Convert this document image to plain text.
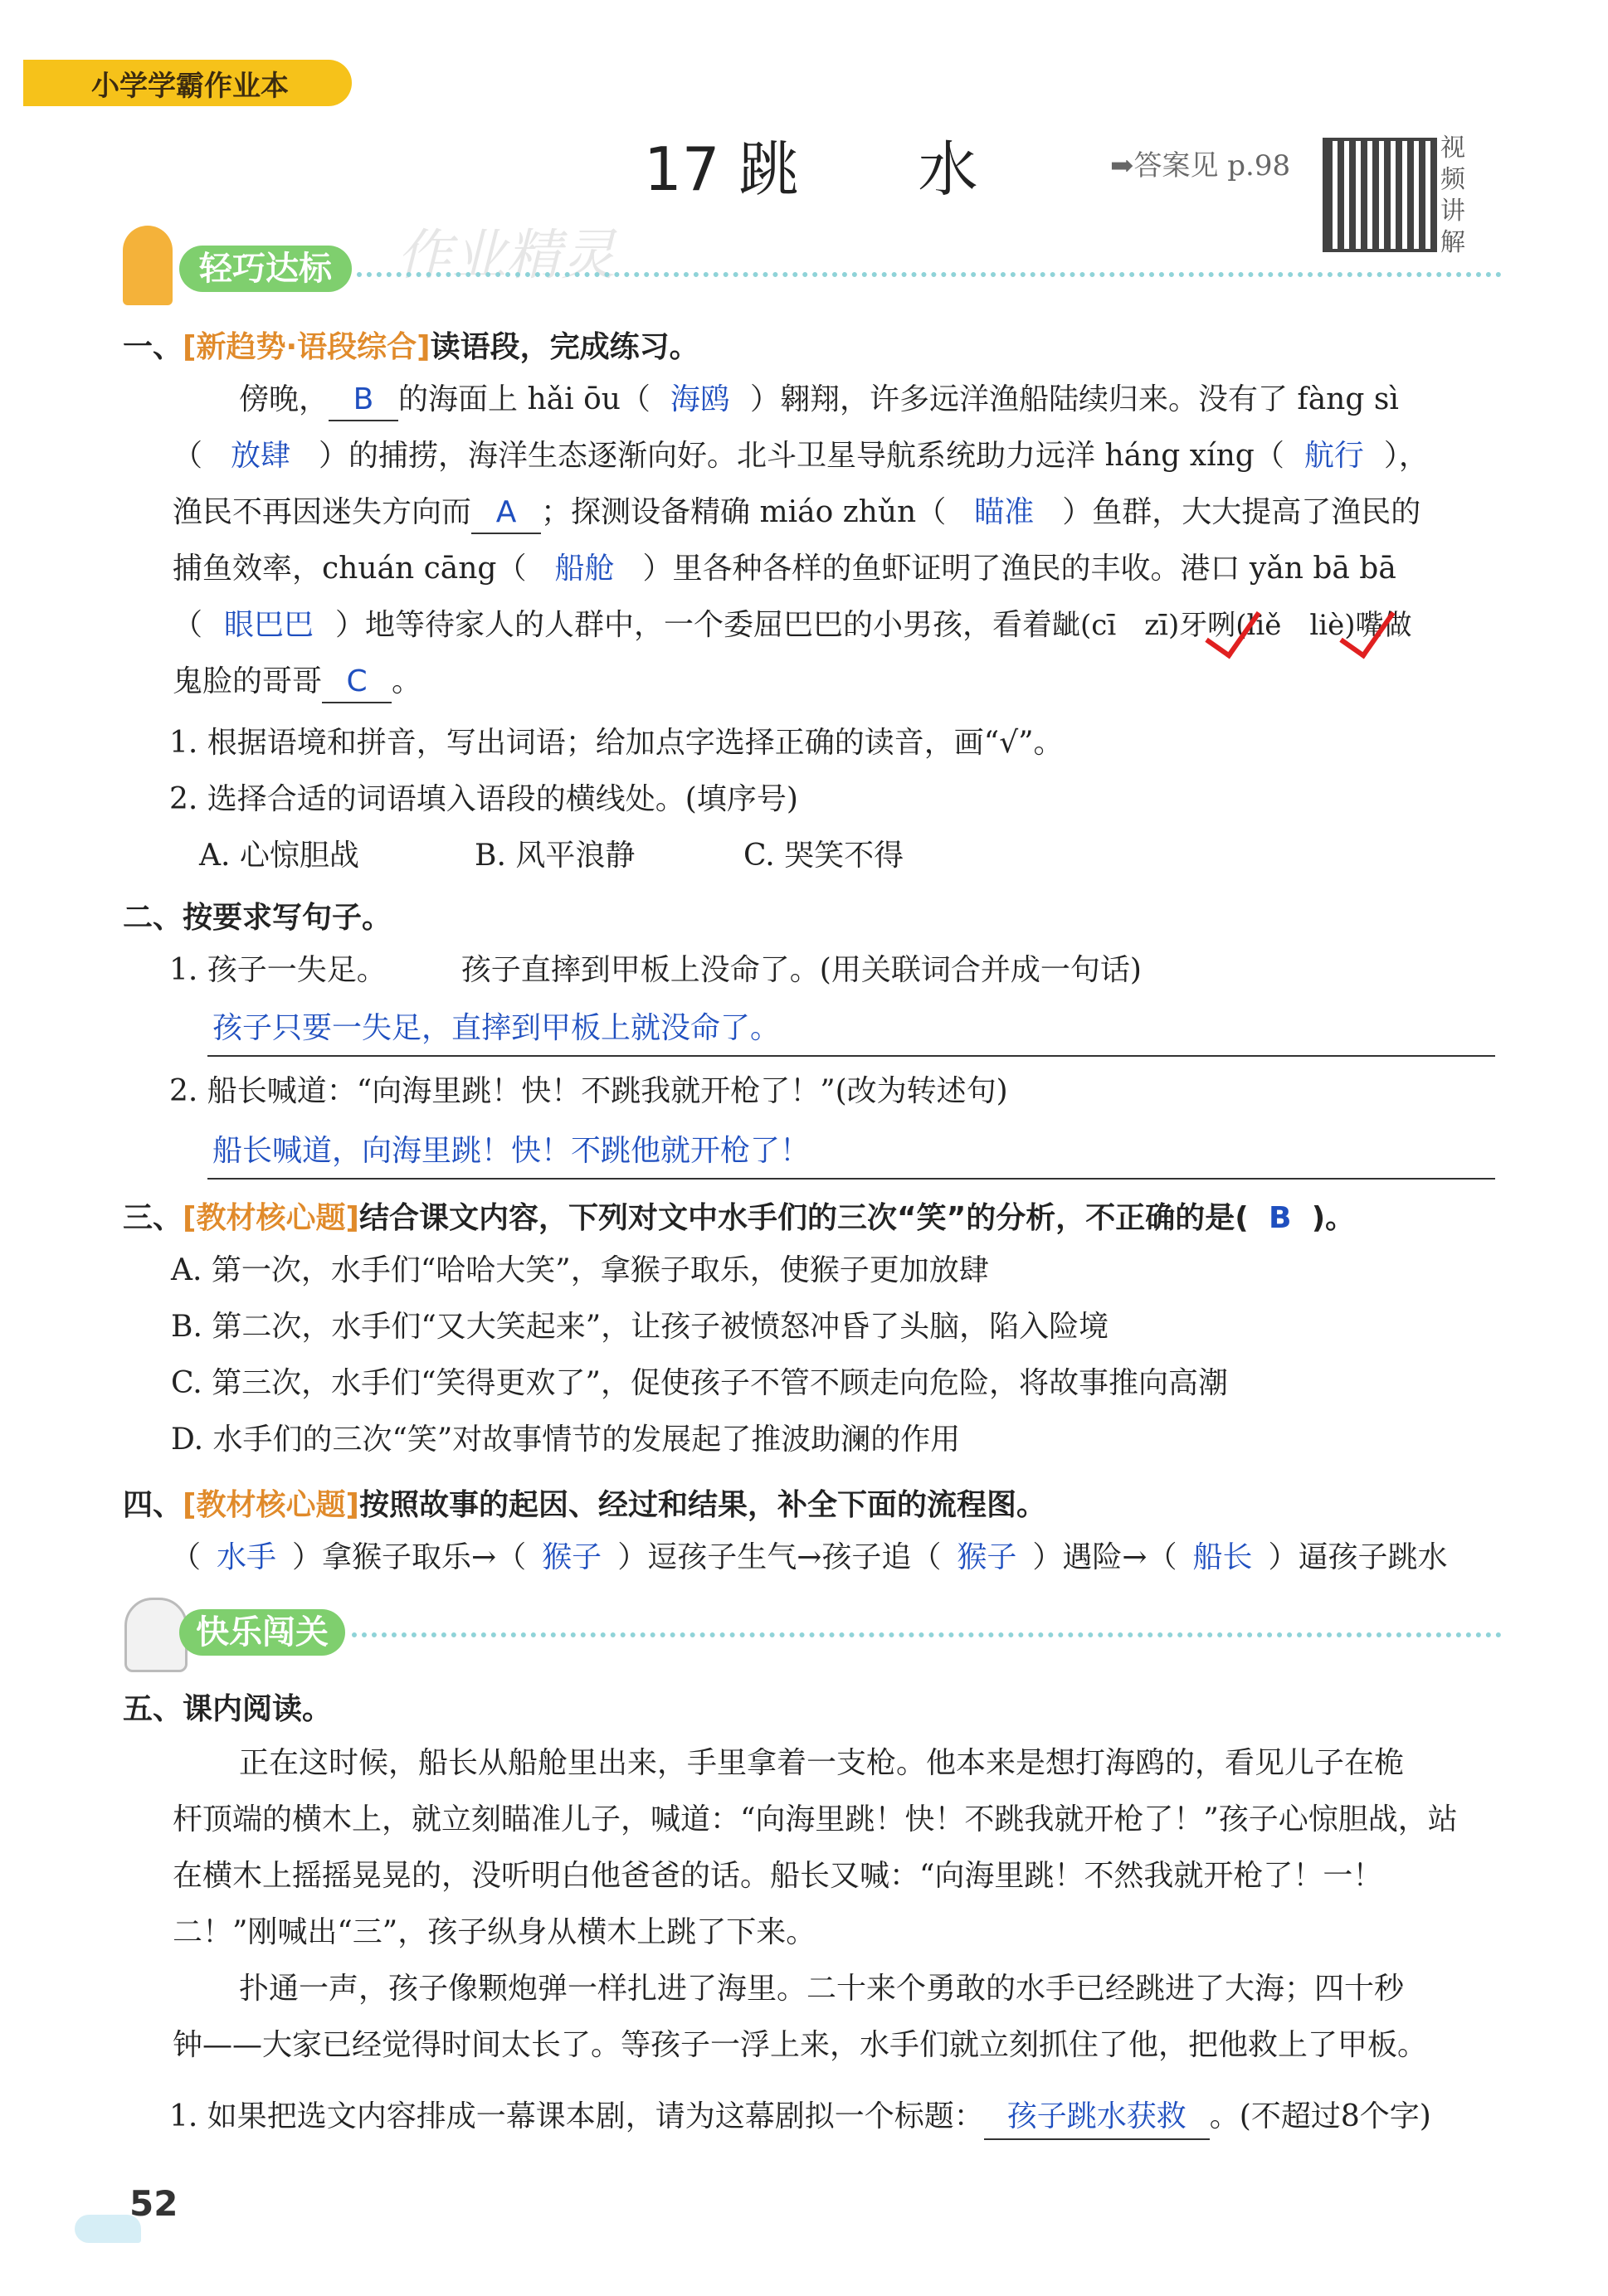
小学学霸作业本
17 跳　　水	➡答案见 p.98
视频讲解
轻巧达标	作业精灵
一、[新趋势·语段综合]读语段，完成练习。
傍晚， B 的海面上 hǎi ōu（ 海鸥 ）翱翔，许多远洋渔船陆续归来。没有了 fàng sì
（ 放肆 ）的捕捞，海洋生态逐渐向好。北斗卫星导航系统助力远洋 háng xíng（ 航行 ），
渔民不再因迷失方向而 A ；探测设备精确 miáo zhǔn（ 瞄准 ）鱼群，大大提高了渔民的
捕鱼效率，chuán cāng（ 船舱 ）里各种各样的鱼虾证明了渔民的丰收。港口 yǎn bā bā
（ 眼巴巴 ）地等待家人的人群中，一个委屈巴巴的小男孩，看着龇(cī　zī)牙咧(liě　liè)嘴做
鬼脸的哥哥 C 。
1. 根据语境和拼音，写出词语；给加点字选择正确的读音，画“√”。
2. 选择合适的词语填入语段的横线处。(填序号)
A. 心惊胆战	B. 风平浪静	C. 哭笑不得
二、按要求写句子。
1. 孩子一失足。　　　孩子直摔到甲板上没命了。(用关联词合并成一句话)
孩子只要一失足，直摔到甲板上就没命了。
2. 船长喊道：“向海里跳！快！不跳我就开枪了！”(改为转述句)
船长喊道，向海里跳！快！不跳他就开枪了！
三、[教材核心题]结合课文内容，下列对文中水手们的三次“笑”的分析，不正确的是( B )。
A. 第一次，水手们“哈哈大笑”，拿猴子取乐，使猴子更加放肆
B. 第二次，水手们“又大笑起来”，让孩子被愤怒冲昏了头脑，陷入险境
C. 第三次，水手们“笑得更欢了”，促使孩子不管不顾走向危险，将故事推向高潮
D. 水手们的三次“笑”对故事情节的发展起了推波助澜的作用
四、[教材核心题]按照故事的起因、经过和结果，补全下面的流程图。
（ 水手 ）拿猴子取乐→（ 猴子 ）逗孩子生气→孩子追（ 猴子 ）遇险→（ 船长 ）逼孩子跳水
快乐闯关
五、课内阅读。
正在这时候，船长从船舱里出来，手里拿着一支枪。他本来是想打海鸥的，看见儿子在桅
杆顶端的横木上，就立刻瞄准儿子，喊道：“向海里跳！快！不跳我就开枪了！”孩子心惊胆战，站
在横木上摇摇晃晃的，没听明白他爸爸的话。船长又喊：“向海里跳！不然我就开枪了！一！
二！”刚喊出“三”，孩子纵身从横木上跳了下来。
扑通一声，孩子像颗炮弹一样扎进了海里。二十来个勇敢的水手已经跳进了大海；四十秒
钟——大家已经觉得时间太长了。等孩子一浮上来，水手们就立刻抓住了他，把他救上了甲板。
1. 如果把选文内容排成一幕课本剧，请为这幕剧拟一个标题： 孩子跳水获救 。(不超过8个字)
52
